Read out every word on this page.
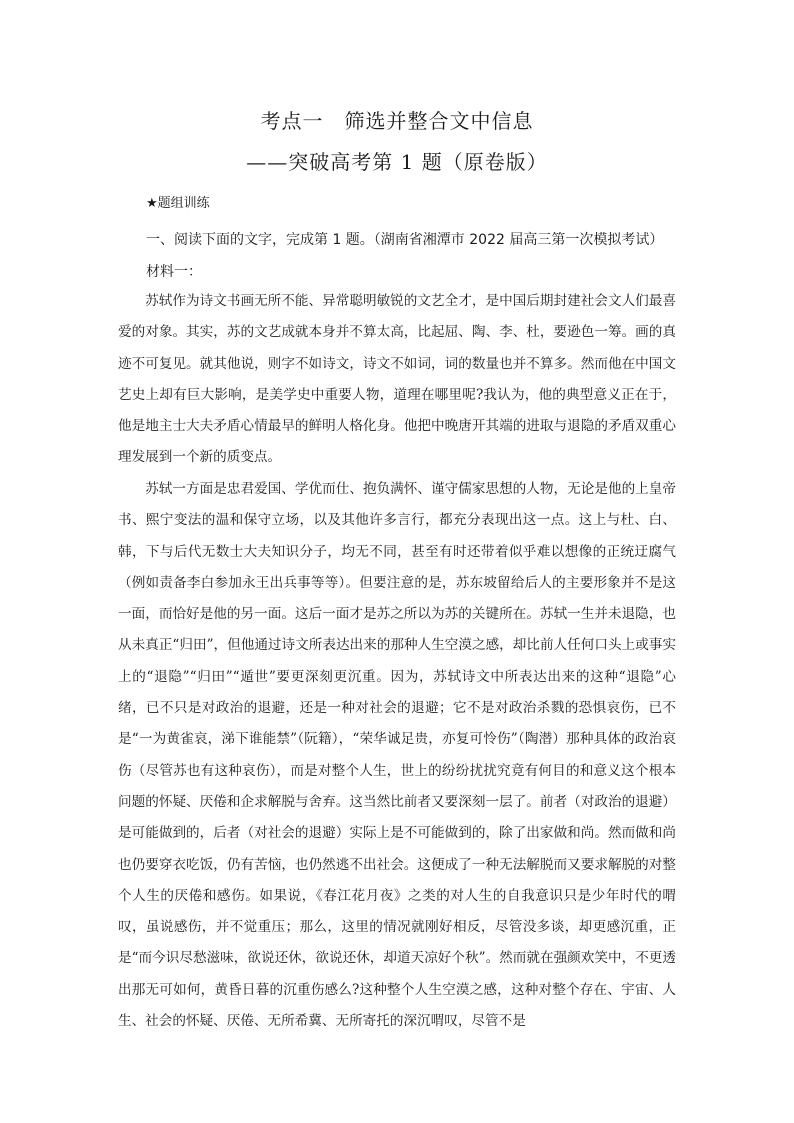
考点一　筛选并整合文中信息
——突破高考第 1 题（原卷版）
★题组训练
一、阅读下面的文字，完成第 1 题。（湖南省湘潭市 2022 届高三第一次模拟考试）
材料一：

苏轼作为诗文书画无所不能、异常聪明敏锐的文艺全才，是中国后期封建社会文人们最喜爱的对象。其实，苏的文艺成就本身并不算太高，比起屈、陶、李、杜，要逊色一筹。画的真迹不可复见。就其他说，则字不如诗文，诗文不如词，词的数量也并不算多。然而他在中国文艺史上却有巨大影响，是美学史中重要人物，道理在哪里呢?我认为，他的典型意义正在于，他是地主士大夫矛盾心情最早的鲜明人格化身。他把中晚唐开其端的进取与退隐的矛盾双重心理发展到一个新的质变点。

苏轼一方面是忠君爱国、学优而仕、抱负满怀、谨守儒家思想的人物，无论是他的上皇帝书、熙宁变法的温和保守立场，以及其他许多言行，都充分表现出这一点。这上与杜、白、韩，下与后代无数士大夫知识分子，均无不同，甚至有时还带着似乎难以想像的正统迂腐气（例如责备李白参加永王出兵事等等）。但要注意的是，苏东坡留给后人的主要形象并不是这一面，而恰好是他的另一面。这后一面才是苏之所以为苏的关键所在。苏轼一生并未退隐，也从未真正“归田”，但他通过诗文所表达出来的那种人生空漠之感，却比前人任何口头上或事实上的“退隐”“归田”“遁世”要更深刻更沉重。因为，苏轼诗文中所表达出来的这种“退隐”心绪，已不只是对政治的退避，还是一种对社会的退避；它不是对政治杀戮的恐惧哀伤，已不是“一为黄雀哀，涕下谁能禁”（阮籍），“荣华诚足贵，亦复可怜伤”（陶潜）那种具体的政治哀伤（尽管苏也有这种哀伤），而是对整个人生，世上的纷纷扰扰究竟有何目的和意义这个根本问题的怀疑、厌倦和企求解脱与舍弃。这当然比前者又要深刻一层了。前者（对政治的退避）是可能做到的，后者（对社会的退避）实际上是不可能做到的，除了出家做和尚。然而做和尚也仍要穿衣吃饭，仍有苦恼，也仍然逃不出社会。这便成了一种无法解脱而又要求解脱的对整个人生的厌倦和感伤。如果说，《春江花月夜》之类的对人生的自我意识只是少年时代的喟叹，虽说感伤，并不觉重压；那么，这里的情况就刚好相反，尽管没多谈，却更感沉重，正是“而今识尽愁滋味，欲说还休，欲说还休，却道天凉好个秋”。然而就在强颜欢笑中，不更透出那无可如何，黄昏日暮的沉重伤感么?这种整个人生空漠之感，这种对整个存在、宇宙、人生、社会的怀疑、厌倦、无所希冀、无所寄托的深沉喟叹，尽管不是
